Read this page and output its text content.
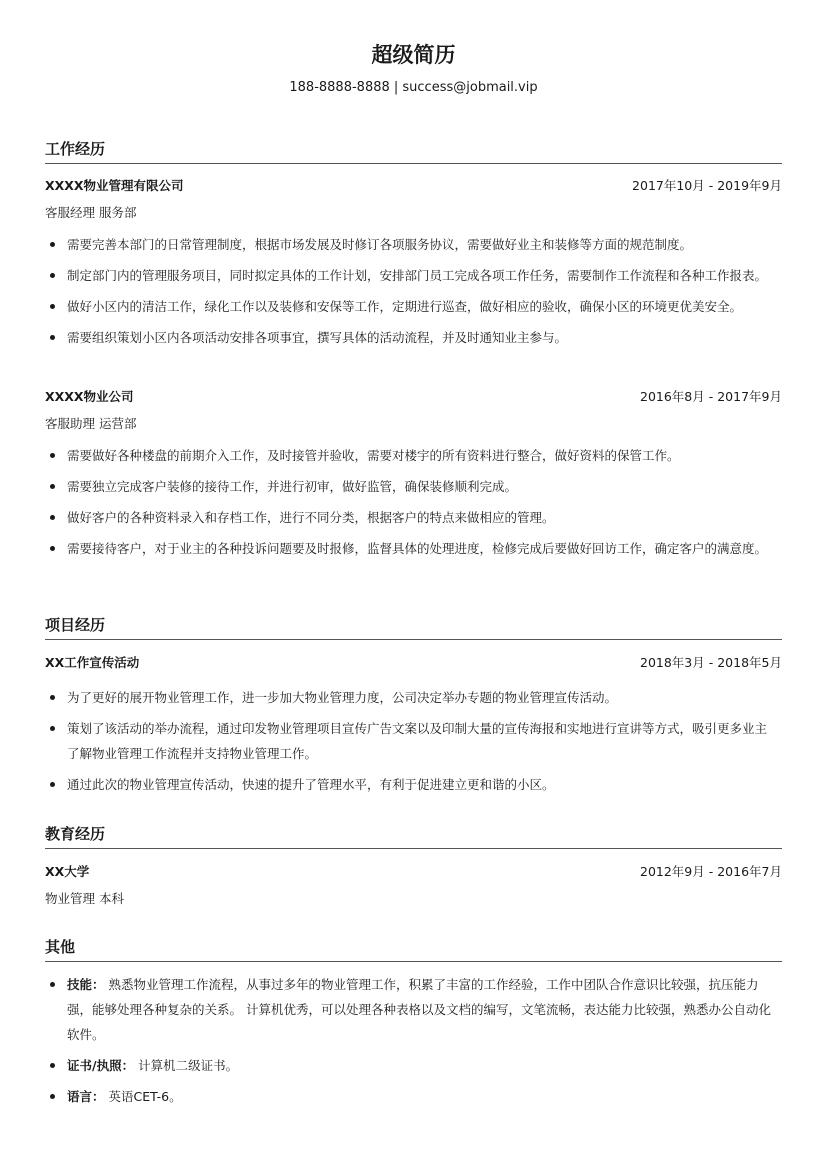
超级简历
188-8888-8888 | success@jobmail.vip
工作经历
XXXX物业管理有限公司	2017年10月 - 2019年9月
客服经理 服务部
需要完善本部门的日常管理制度，根据市场发展及时修订各项服务协议，需要做好业主和装修等方面的规范制度。
制定部门内的管理服务项目，同时拟定具体的工作计划，安排部门员工完成各项工作任务，需要制作工作流程和各种工作报表。
做好小区内的清洁工作，绿化工作以及装修和安保等工作，定期进行巡查，做好相应的验收，确保小区的环境更优美安全。
需要组织策划小区内各项活动安排各项事宜，撰写具体的活动流程，并及时通知业主参与。
XXXX物业公司	2016年8月 - 2017年9月
客服助理 运营部
需要做好各种楼盘的前期介入工作，及时接管并验收，需要对楼宇的所有资料进行整合，做好资料的保管工作。
需要独立完成客户装修的接待工作，并进行初审，做好监管，确保装修顺利完成。
做好客户的各种资料录入和存档工作，进行不同分类，根据客户的特点来做相应的管理。
需要接待客户，对于业主的各种投诉问题要及时报修，监督具体的处理进度，检修完成后要做好回访工作，确定客户的满意度。
项目经历
XX工作宣传活动	2018年3月 - 2018年5月
为了更好的展开物业管理工作，进一步加大物业管理力度，公司决定举办专题的物业管理宣传活动。
策划了该活动的举办流程，通过印发物业管理项目宣传广告文案以及印制大量的宣传海报和实地进行宣讲等方式，吸引更多业主了解物业管理工作流程并支持物业管理工作。
通过此次的物业管理宣传活动，快速的提升了管理水平，有利于促进建立更和谐的小区。
教育经历
XX大学	2012年9月 - 2016年7月
物业管理 本科
其他
技能： 熟悉物业管理工作流程，从事过多年的物业管理工作，积累了丰富的工作经验，工作中团队合作意识比较强，抗压能力强，能够处理各种复杂的关系。 计算机优秀，可以处理各种表格以及文档的编写，文笔流畅，表达能力比较强，熟悉办公自动化软件。
证书/执照： 计算机二级证书。
语言： 英语CET-6。
